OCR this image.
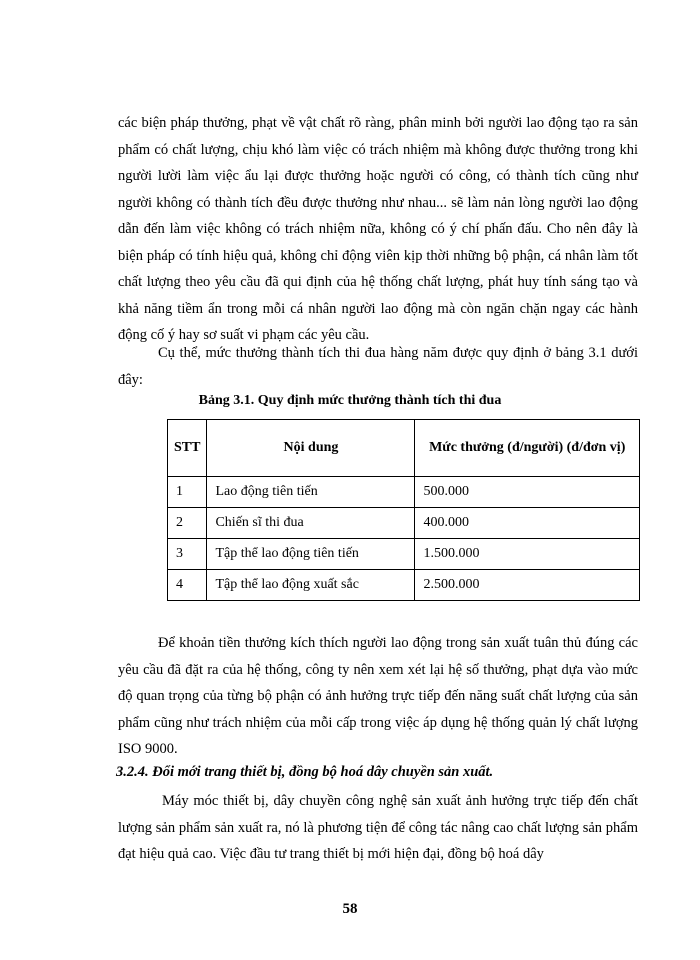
các biện pháp thưởng, phạt về vật chất rõ ràng, phân minh bởi người lao động tạo ra sản phẩm có chất lượng, chịu khó làm việc có trách nhiệm mà không được thưởng trong khi người lười làm việc ẩu lại được thưởng hoặc người có công, có thành tích cũng như người không có thành tích đều được thưởng như nhau... sẽ làm nản lòng người lao động dẫn đến làm việc không có trách nhiệm nữa, không có ý chí phấn đấu. Cho nên đây là biện pháp có tính hiệu quả, không chỉ động viên kịp thời những bộ phận, cá nhân làm tốt chất lượng theo yêu cầu đã qui định của hệ thống chất lượng, phát huy tính sáng tạo và khả năng tiềm ẩn trong mỗi cá nhân người lao động mà còn ngăn chặn ngay các hành động cố ý hay sơ suất vi phạm các yêu cầu.

Cụ thể, mức thưởng thành tích thi đua hàng năm được quy định ở bảng 3.1 dưới đây:

Bảng 3.1. Quy định mức thưởng thành tích thi đua
STT	Nội dung	Mức thưởng (đ/người) (đ/đơn vị)
1	Lao động tiên tiến	500.000
2	Chiến sĩ thi đua	400.000
3	Tập thể lao động tiên tiến	1.500.000
4	Tập thể lao động xuất sắc	2.500.000

Để khoản tiền thưởng kích thích người lao động trong sản xuất tuân thủ đúng các yêu cầu đã đặt ra của hệ thống, công ty nên xem xét lại hệ số thưởng, phạt dựa vào mức độ quan trọng của từng bộ phận có ảnh hưởng trực tiếp đến năng suất chất lượng của sản phẩm cũng như trách nhiệm của mỗi cấp trong việc áp dụng hệ thống quản lý chất lượng ISO 9000.

3.2.4. Đổi mới trang thiết bị, đồng bộ hoá dây chuyền sản xuất.

Máy móc thiết bị, dây chuyền công nghệ sản xuất ảnh hưởng trực tiếp đến chất lượng sản phẩm sản xuất ra, nó là phương tiện để công tác nâng cao chất lượng sản phẩm đạt hiệu quả cao. Việc đầu tư trang thiết bị mới hiện đại, đồng bộ hoá dây

58
